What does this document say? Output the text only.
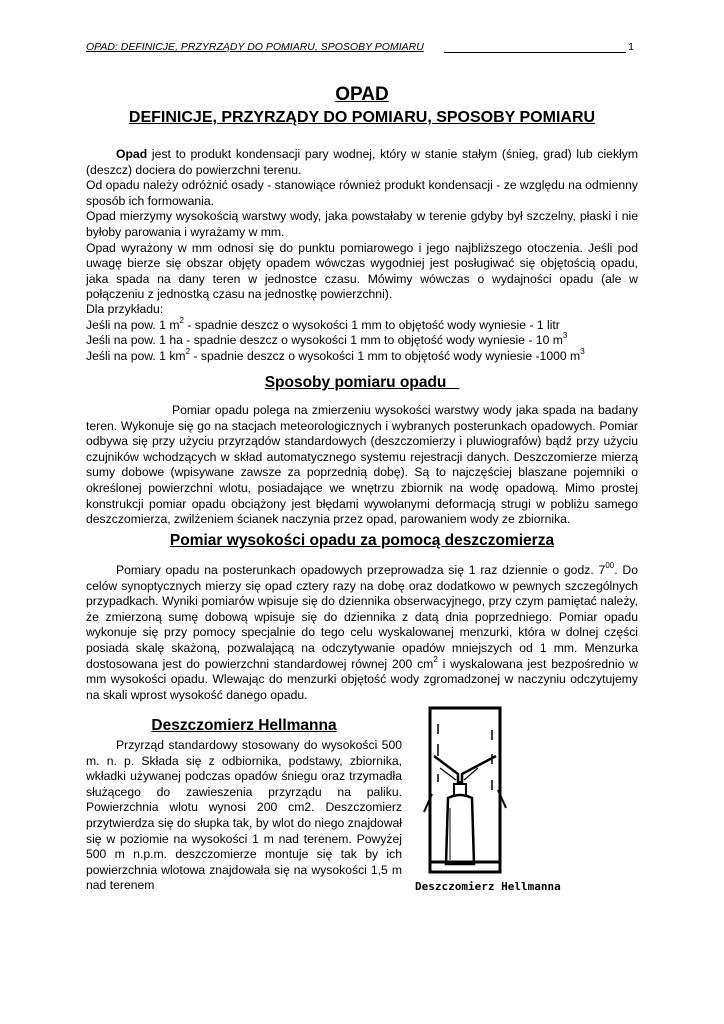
OPAD: DEFINICJE, PRZYRZĄDY DO POMIARU, SPOSOBY POMIARU	1

OPAD

DEFINICJE, PRZYRZĄDY DO POMIARU, SPOSOBY POMIARU

Opad jest to produkt kondensacji pary wodnej, który w stanie stałym (śnieg, grad) lub ciekłym (deszcz) dociera do powierzchni terenu.

Od opadu należy odróżnić osady - stanowiące również produkt kondensacji - ze względu na odmienny sposób ich formowania.

Opad mierzymy wysokością warstwy wody, jaka powstałaby w terenie gdyby był szczelny, płaski i nie byłoby parowania i wyrażamy w mm.

Opad wyrażony w mm odnosi się do punktu pomiarowego i jego najbliższego otoczenia. Jeśli pod uwagę bierze się obszar objęty opadem wówczas wygodniej jest posługiwać się objętością opadu, jaka spada na dany teren w jednostce czasu. Mówimy wówczas o wydajności opadu (ale w połączeniu z jednostką czasu na jednostkę powierzchni).

Dla przykładu:

Jeśli na pow. 1 $m^2$ - spadnie deszcz o wysokości 1 mm to objętość wody wyniesie - 1 litr

Jeśli na pow. 1 ha - spadnie deszcz o wysokości 1 mm to objętość wody wyniesie - 10 $m^3$

Jeśli na pow. 1 $km^2$ - spadnie deszcz o wysokości 1 mm to objętość wody wyniesie -1000 $m^3$

Sposoby pomiaru opadu

Pomiar opadu polega na zmierzeniu wysokości warstwy wody jaka spada na badany teren. Wykonuje się go na stacjach meteorologicznych i wybranych posterunkach opadowych. Pomiar odbywa się przy użyciu przyrządów standardowych (deszczomierzy i pluwiografów) bądź przy użyciu czujników wchodzących w skład automatycznego systemu rejestracji danych. Deszczomierze mierzą sumy dobowe (wpisywane zawsze za poprzednią dobę). Są to najczęściej blaszane pojemniki o określonej powierzchni wlotu, posiadające we wnętrzu zbiornik na wodę opadową. Mimo prostej konstrukcji pomiar opadu obciążony jest błędami wywołanymi deformacją strugi w pobliżu samego deszczomierza, zwilżeniem ścianek naczynia przez opad, parowaniem wody ze zbiornika.

Pomiar wysokości opadu za pomocą deszczomierza

Pomiary opadu na posterunkach opadowych przeprowadza się 1 raz dziennie o godz. $7^{00}$. Do celów synoptycznych mierzy się opad cztery razy na dobę oraz dodatkowo w pewnych szczególnych przypadkach. Wyniki pomiarów wpisuje się do dziennika obserwacyjnego, przy czym pamiętać należy, że zmierzoną sumę dobową wpisuje się do dziennika z datą dnia poprzedniego. Pomiar opadu wykonuje się przy pomocy specjalnie do tego celu wyskalowanej menzurki, która w dolnej części posiada skalę skażoną, pozwalającą na odczytywanie opadów mniejszych od 1 mm. Menzurka dostosowana jest do powierzchni standardowej równej 200 $cm^2$ i wyskalowana jest bezpośrednio w mm wysokości opadu. Wlewając do menzurki objętość wody zgromadzonej w naczyniu odczytujemy na skali wprost wysokość danego opadu.

Deszczomierz Hellmanna

Przyrząd standardowy stosowany do wysokości 500 m. n. p. Składa się z odbiornika, podstawy, zbiornika, wkładki używanej podczas opadów śniegu oraz trzymadła służącego do zawieszenia przyrządu na paliku. Powierzchnia wlotu wynosi 200 cm2. Deszczomierz przytwierdza się do słupka tak, by wlot do niego znajdował się w poziomie na wysokości 1 m nad terenem. Powyżej 500 m n.p.m. deszczomierze montuje się tak by ich powierzchnia wlotowa znajdowała się na wysokości 1,5 m nad terenem	Deszczomierz Hellmanna
